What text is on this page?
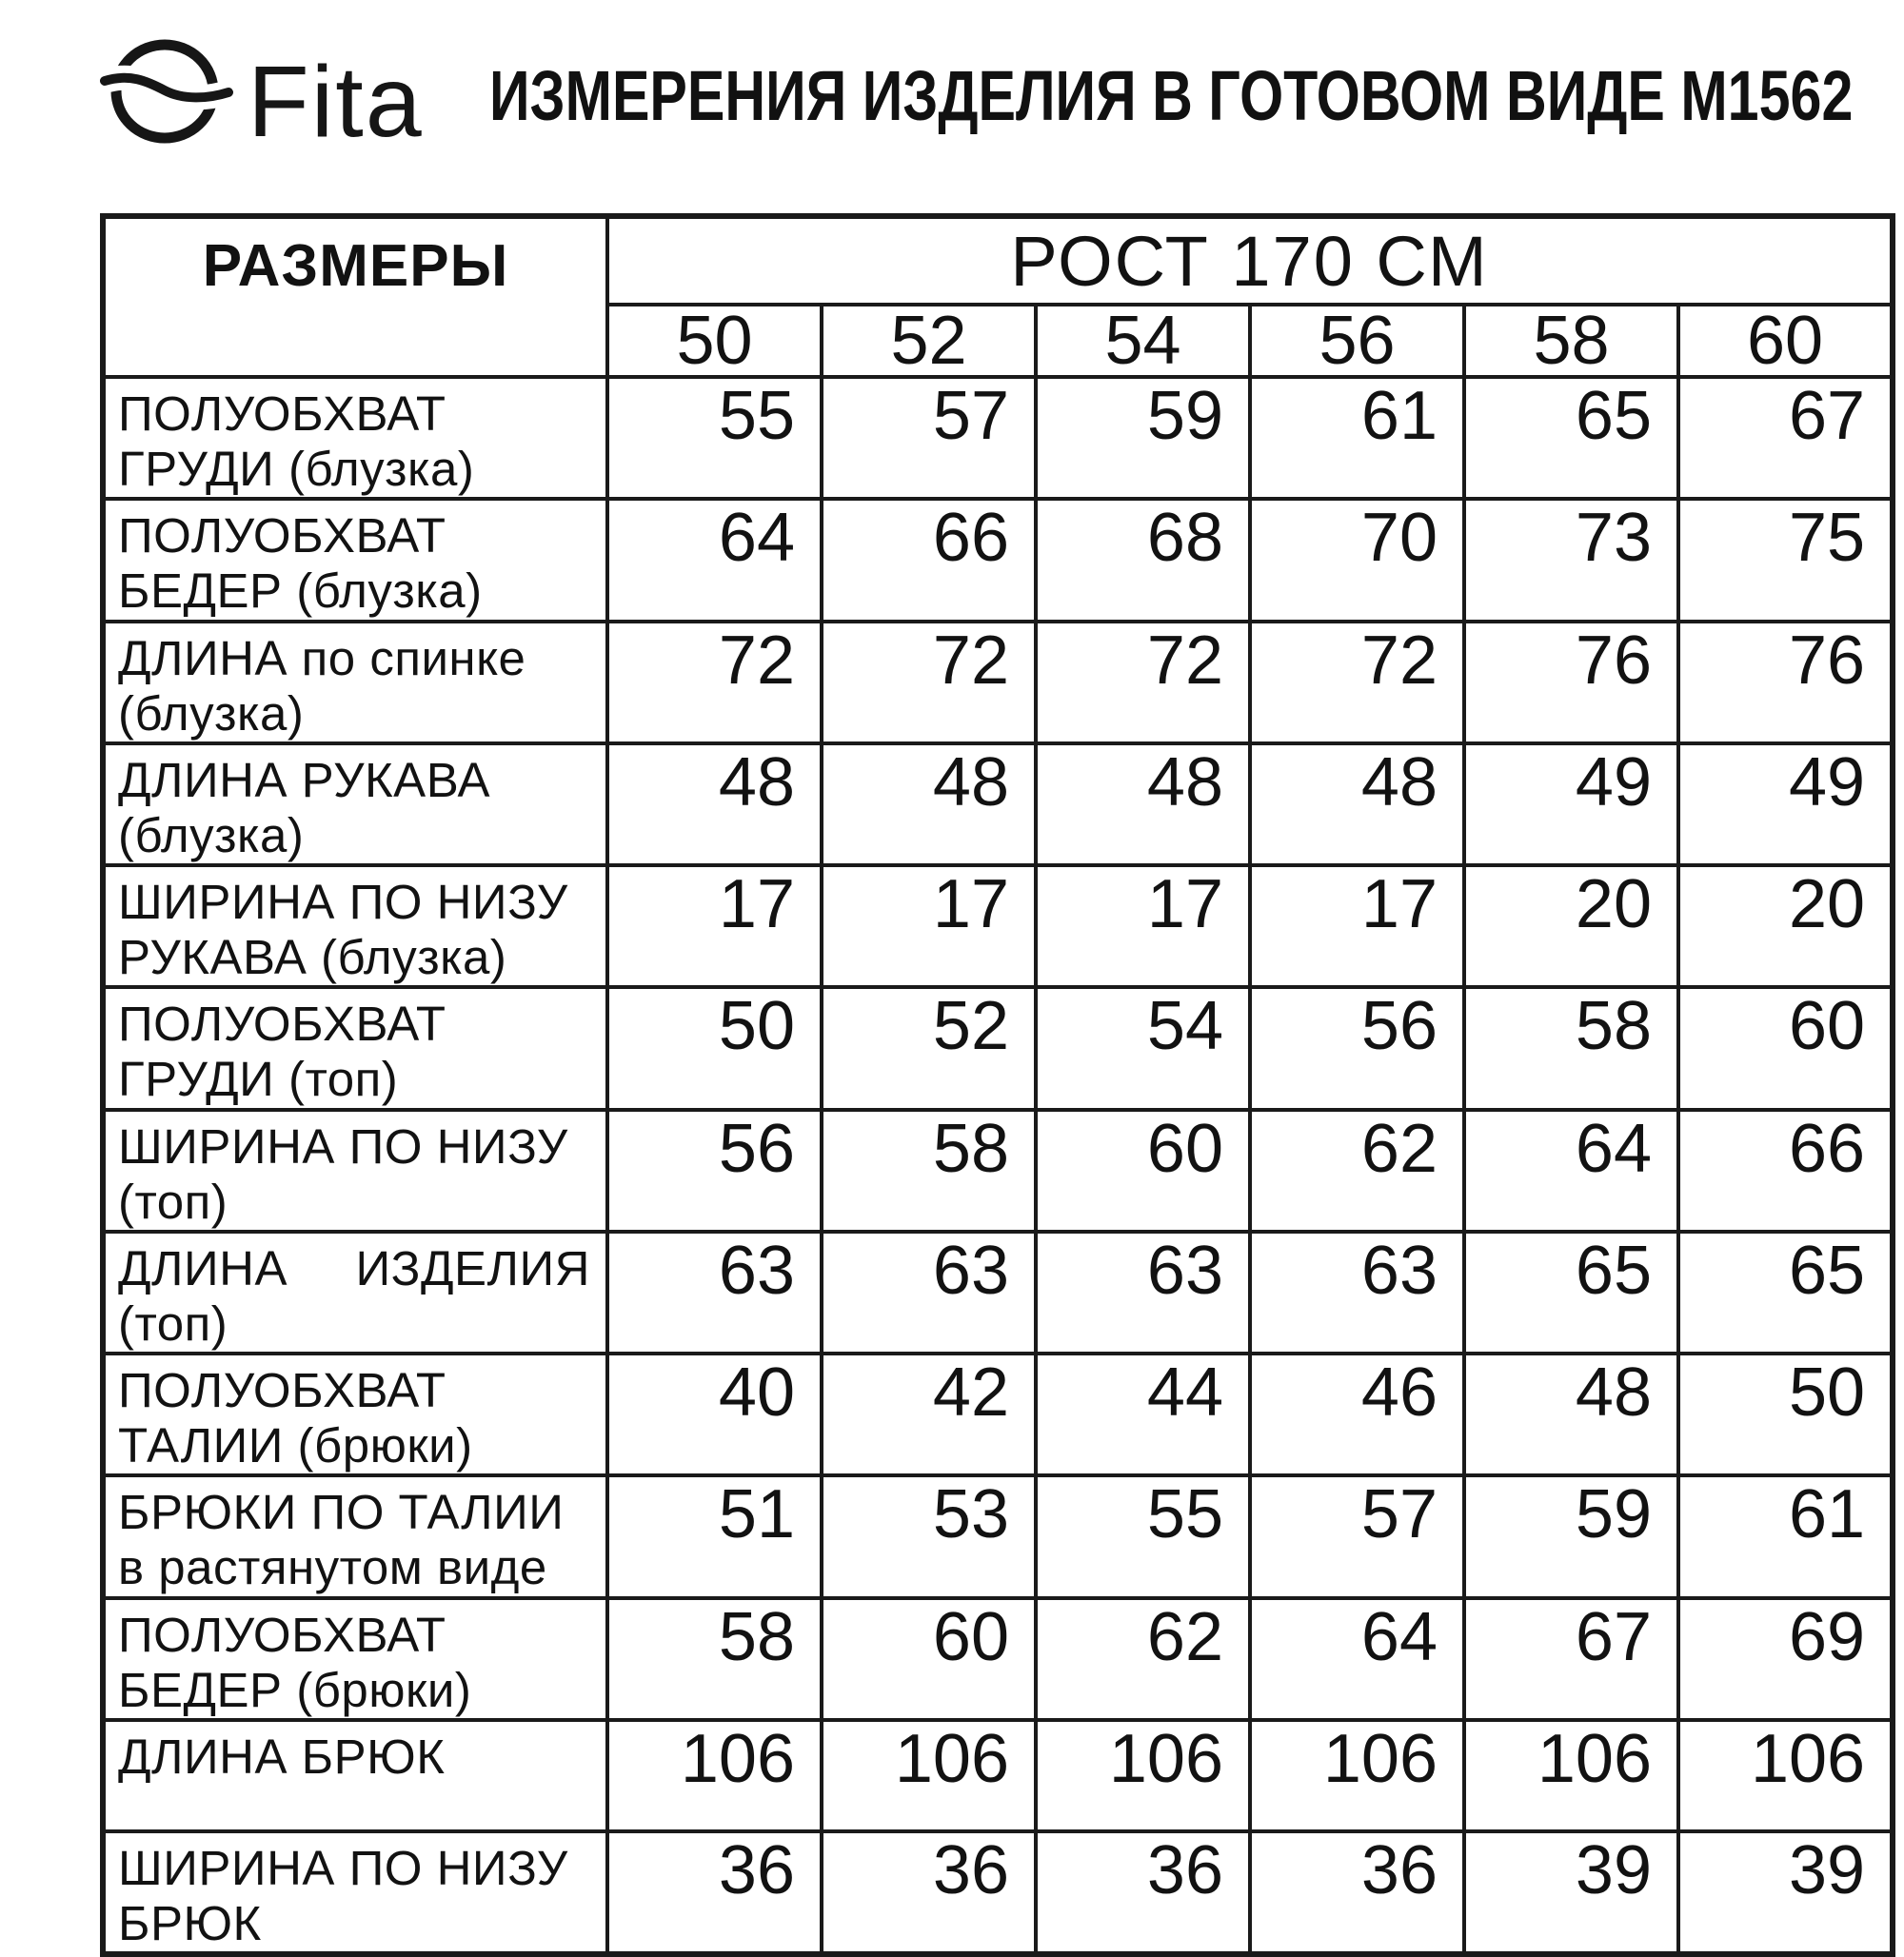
Fita ИЗМЕРЕНИЯ ИЗДЕЛИЯ В ГОТОВОМ ВИДЕ М1562
РАЗМЕРЫ	РОСТ 170 СМ					
	50	52	54	56	58	60

ПОЛУОБХВАТ
ГРУДИ (блузка)	55	57	59	61	65	67

ПОЛУОБХВАТ
БЕДЕР (блузка)	64	66	68	70	73	75

ДЛИНА по спинке
(блузка)	72	72	72	72	76	76

ДЛИНА РУКАВА
(блузка)	48	48	48	48	49	49

ШИРИНА ПО НИЗУ
РУКАВА (блузка)	17	17	17	17	20	20

ПОЛУОБХВАТ
ГРУДИ (топ)	50	52	54	56	58	60

ШИРИНА ПО НИЗУ
(топ)	56	58	60	62	64	66

ДЛИНА ИЗДЕЛИЯ
(топ)	63	63	63	63	65	65

ПОЛУОБХВАТ
ТАЛИИ (брюки)	40	42	44	46	48	50

БРЮКИ ПО ТАЛИИ
в растянутом виде	51	53	55	57	59	61

ПОЛУОБХВАТ
БЕДЕР (брюки)	58	60	62	64	67	69

ДЛИНА БРЮК	106	106	106	106	106	106

ШИРИНА ПО НИЗУ
БРЮК	36	36	36	36	39	39
